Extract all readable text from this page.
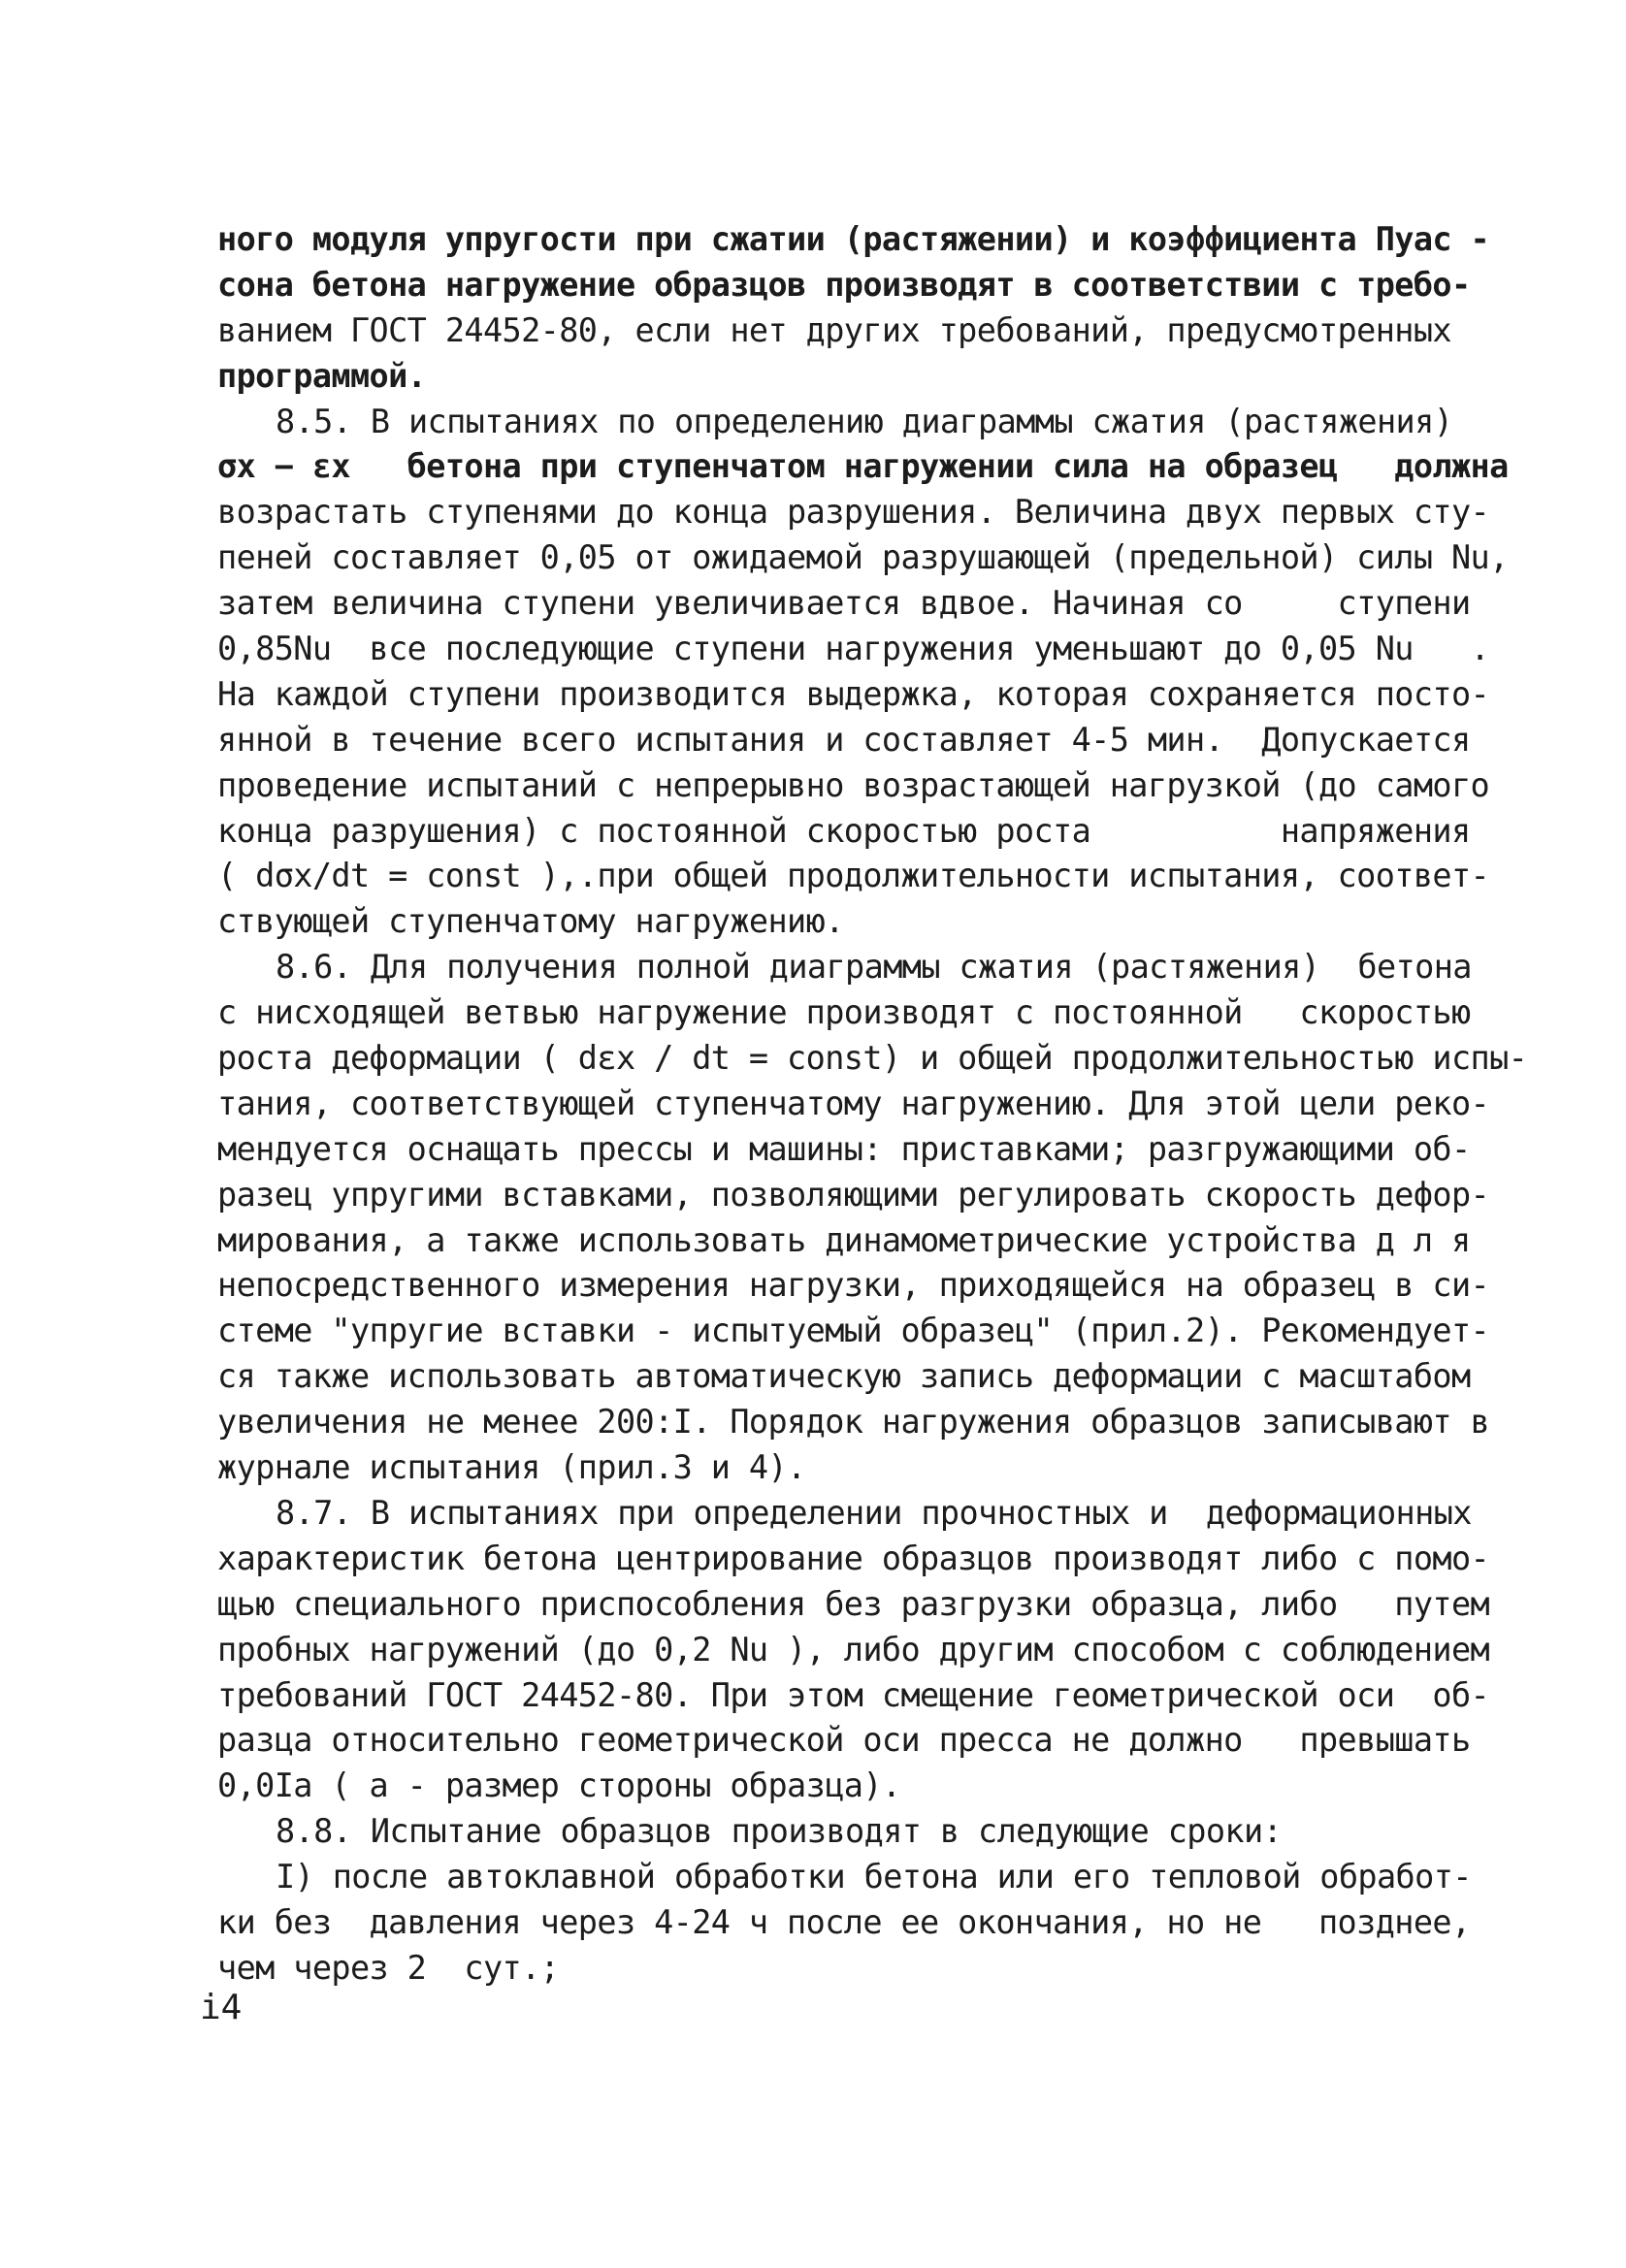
ного модуля упругости при сжатии (растяжении) и коэффициента Пуас -
сона бетона нагружение образцов производят в соответствии с требо-
ванием ГОСТ 24452-80, если нет других требований, предусмотренных
программой.
8.5. В испытаниях по определению диаграммы сжатия (растяжения)
σx − εx   бетона при ступенчатом нагружении сила на образец   должна
возрастать ступенями до конца разрушения. Величина двух первых сту-
пеней составляет 0,05 от ожидаемой разрушающей (предельной) силы Nu,
затем величина ступени увеличивается вдвое. Начиная со     ступени
0,85Nu  все последующие ступени нагружения уменьшают до 0,05 Nu   .
На каждой ступени производится выдержка, которая сохраняется посто-
янной в течение всего испытания и составляет 4-5 мин.  Допускается
проведение испытаний с непрерывно возрастающей нагрузкой (до самого
конца разрушения) с постоянной скоростью роста          напряжения
( dσx/dt = const ),.при общей продолжительности испытания, соответ-
ствующей ступенчатому нагружению.
8.6. Для получения полной диаграммы сжатия (растяжения)  бетона
с нисходящей ветвью нагружение производят с постоянной   скоростью
роста деформации ( dεx / dt = const) и общей продолжительностью испы-
тания, соответствующей ступенчатому нагружению. Для этой цели реко-
мендуется оснащать прессы и машины: приставками; разгружающими об-
разец упругими вставками, позволяющими регулировать скорость дефор-
мирования, а также использовать динамометрические устройства д л я
непосредственного измерения нагрузки, приходящейся на образец в си-
стеме "упругие вставки - испытуемый образец" (прил.2). Рекомендует-
ся также использовать автоматическую запись деформации с масштабом
увеличения не менее 200:I. Порядок нагружения образцов записывают в
журнале испытания (прил.3 и 4).
8.7. В испытаниях при определении прочностных и  деформационных
характеристик бетона центрирование образцов производят либо с помо-
щью специального приспособления без разгрузки образца, либо   путем
пробных нагружений (до 0,2 Nu ), либо другим способом с соблюдением
требований ГОСТ 24452-80. При этом смещение геометрической оси  об-
разца относительно геометрической оси пресса не должно   превышать
0,0Ia ( a - размер стороны образца).
8.8. Испытание образцов производят в следующие сроки:
I) после автоклавной обработки бетона или его тепловой обработ-
ки без  давления через 4-24 ч после ее окончания, но не   позднее,
чем через 2  сут.;
i4
